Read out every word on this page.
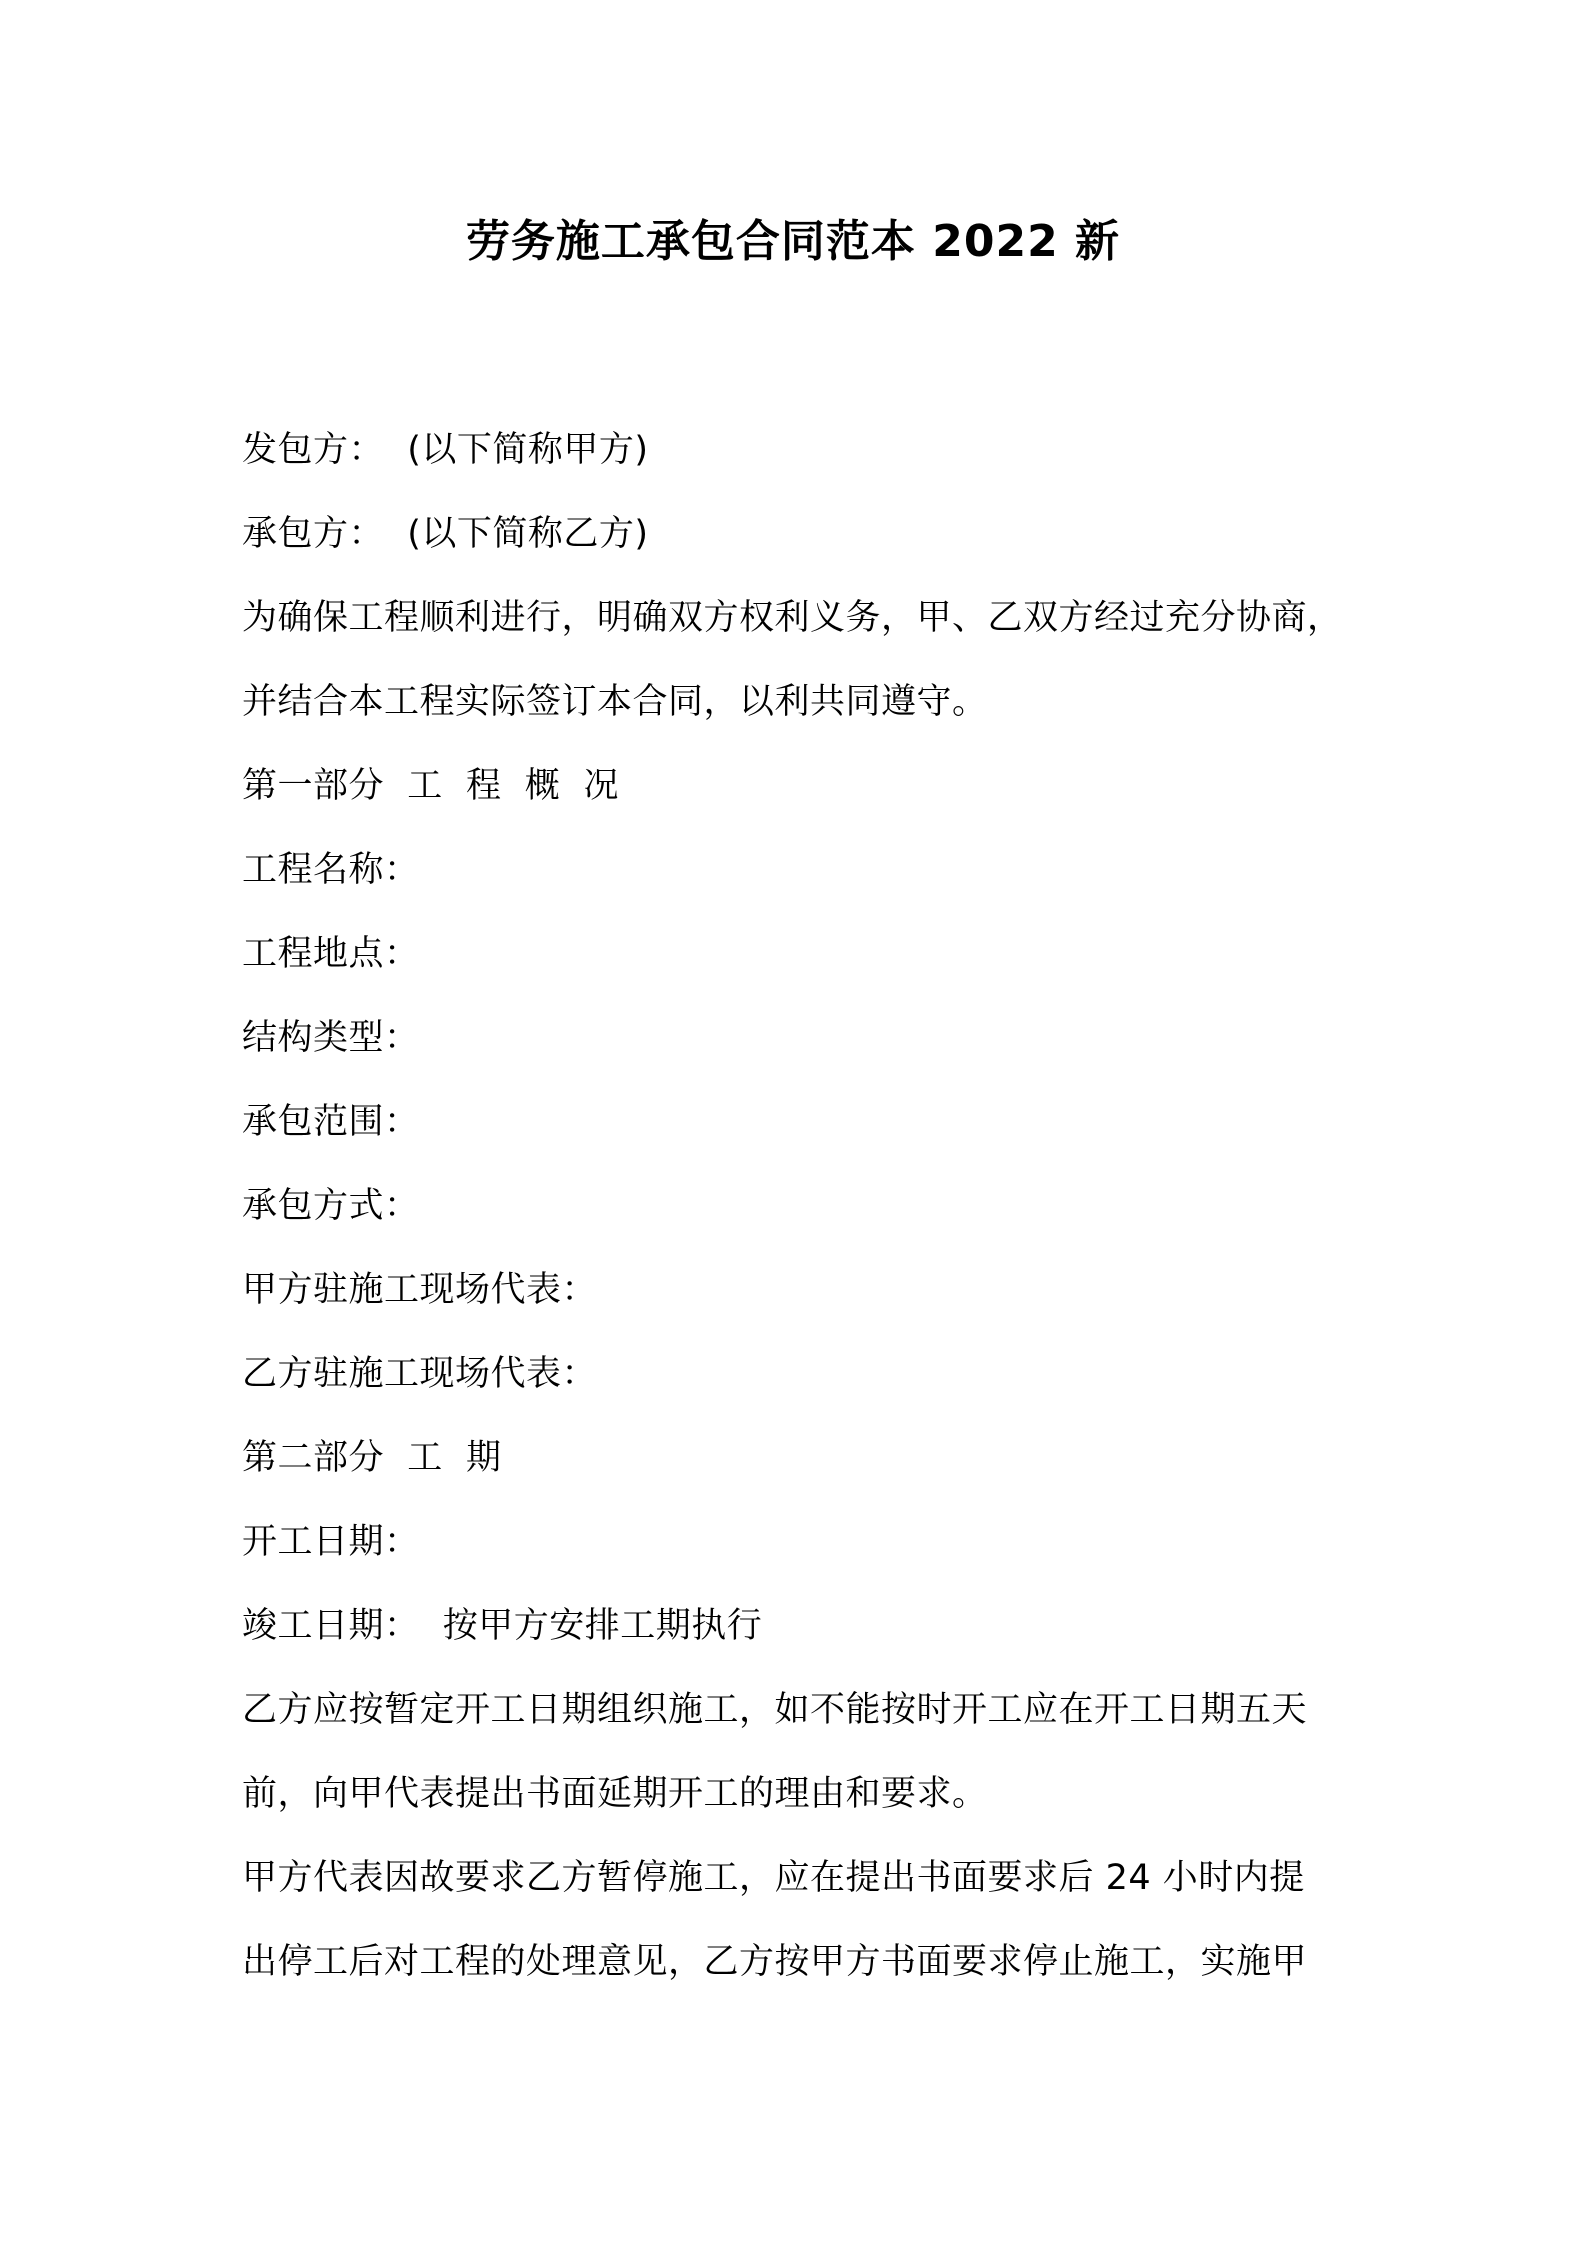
劳务施工承包合同范本 2022 新

发包方：  (以下简称甲方)

承包方：  (以下简称乙方)

为确保工程顺利进行，明确双方权利义务，甲、乙双方经过充分协商，

并结合本工程实际签订本合同，以利共同遵守。

第一部分  工  程  概  况

工程名称：

工程地点：

结构类型：

承包范围：

承包方式：

甲方驻施工现场代表：

乙方驻施工现场代表：

第二部分  工  期

开工日期：

竣工日期：  按甲方安排工期执行

乙方应按暂定开工日期组织施工，如不能按时开工应在开工日期五天

前，向甲代表提出书面延期开工的理由和要求。

甲方代表因故要求乙方暂停施工，应在提出书面要求后 24 小时内提

出停工后对工程的处理意见，乙方按甲方书面要求停止施工，实施甲
